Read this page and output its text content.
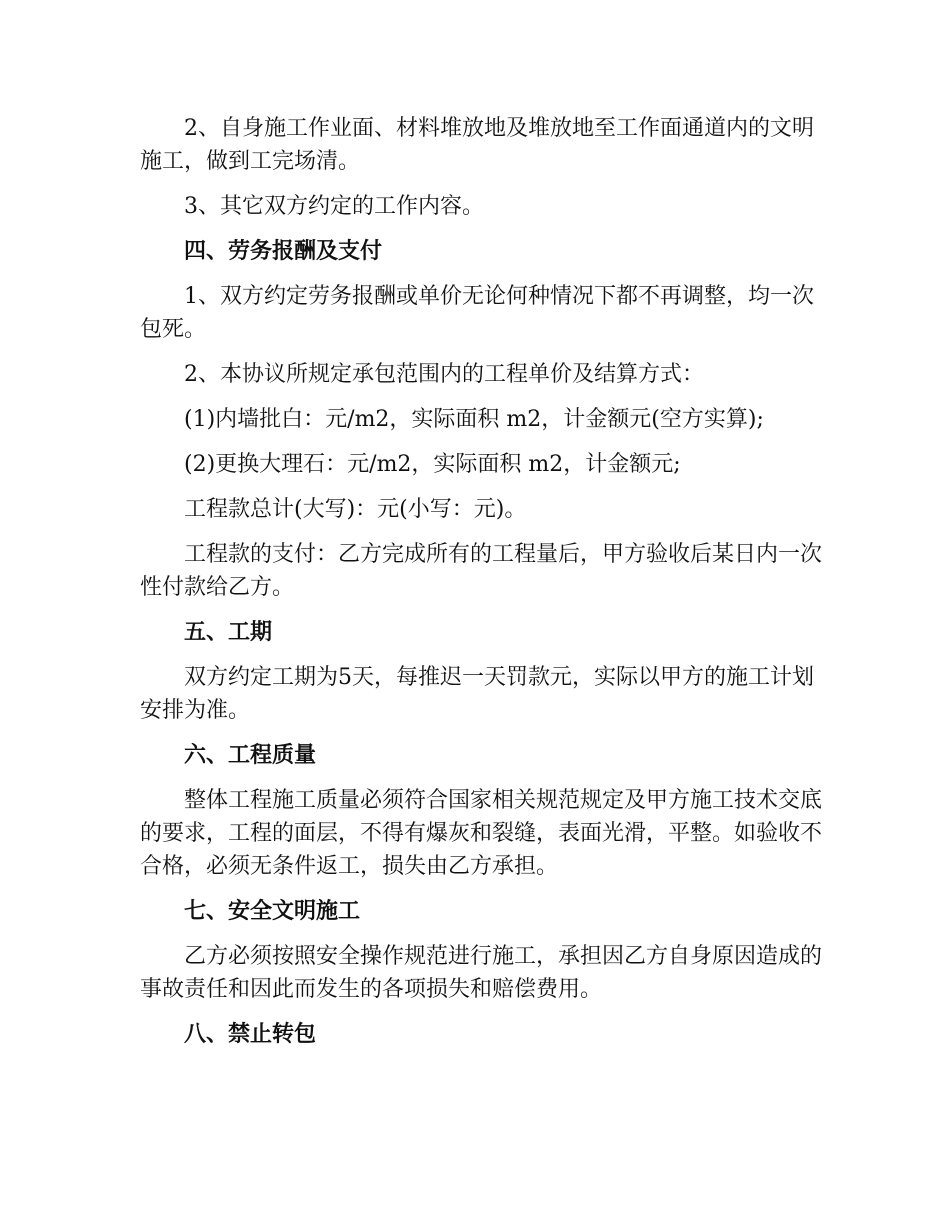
2、自身施工作业面、材料堆放地及堆放地至工作面通道内的文明施工，做到工完场清。

3、其它双方约定的工作内容。

四、劳务报酬及支付

1、双方约定劳务报酬或单价无论何种情况下都不再调整，均一次包死。

2、本协议所规定承包范围内的工程单价及结算方式：

(1)内墙批白：元/m2，实际面积 m2，计金额元(空方实算);

(2)更换大理石：元/m2，实际面积 m2，计金额元;

工程款总计(大写)：元(小写：元)。

工程款的支付：乙方完成所有的工程量后，甲方验收后某日内一次性付款给乙方。

五、工期

双方约定工期为5天，每推迟一天罚款元，实际以甲方的施工计划安排为准。

六、工程质量

整体工程施工质量必须符合国家相关规范规定及甲方施工技术交底的要求，工程的面层，不得有爆灰和裂缝，表面光滑，平整。如验收不合格，必须无条件返工，损失由乙方承担。

七、安全文明施工

乙方必须按照安全操作规范进行施工，承担因乙方自身原因造成的事故责任和因此而发生的各项损失和赔偿费用。

八、禁止转包
